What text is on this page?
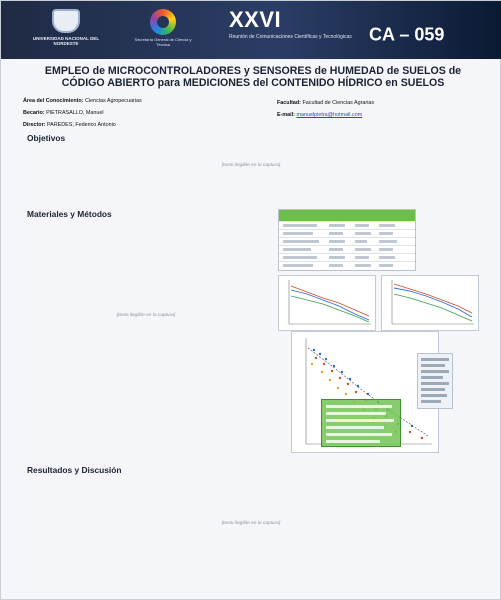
UNIVERSIDAD NACIONAL DEL NORDESTE
Secretaría General de Ciencia y Técnica
XXVI
Reunión de Comunicaciones Científicas y Tecnológicas CA – 059
EMPLEO de MICROCONTROLADORES y SENSORES de HUMEDAD de SUELOS de CÓDIGO ABIERTO para MEDICIONES del CONTENIDO HÍDRICO en SUELOS
Área del Conocimiento: Ciencias Agropecuarias
Becario: PIETRASALLO, Manuel
Director: PAREDES, Federico Antonio
Facultad: Facultad de Ciencias Agrarias
E-mail: manuelpietra@hotmail.com
Objetivos
[texto ilegible en la captura]
Materiales y Métodos
[texto ilegible en la captura]
Resultados y Discusión
[texto ilegible en la captura]
